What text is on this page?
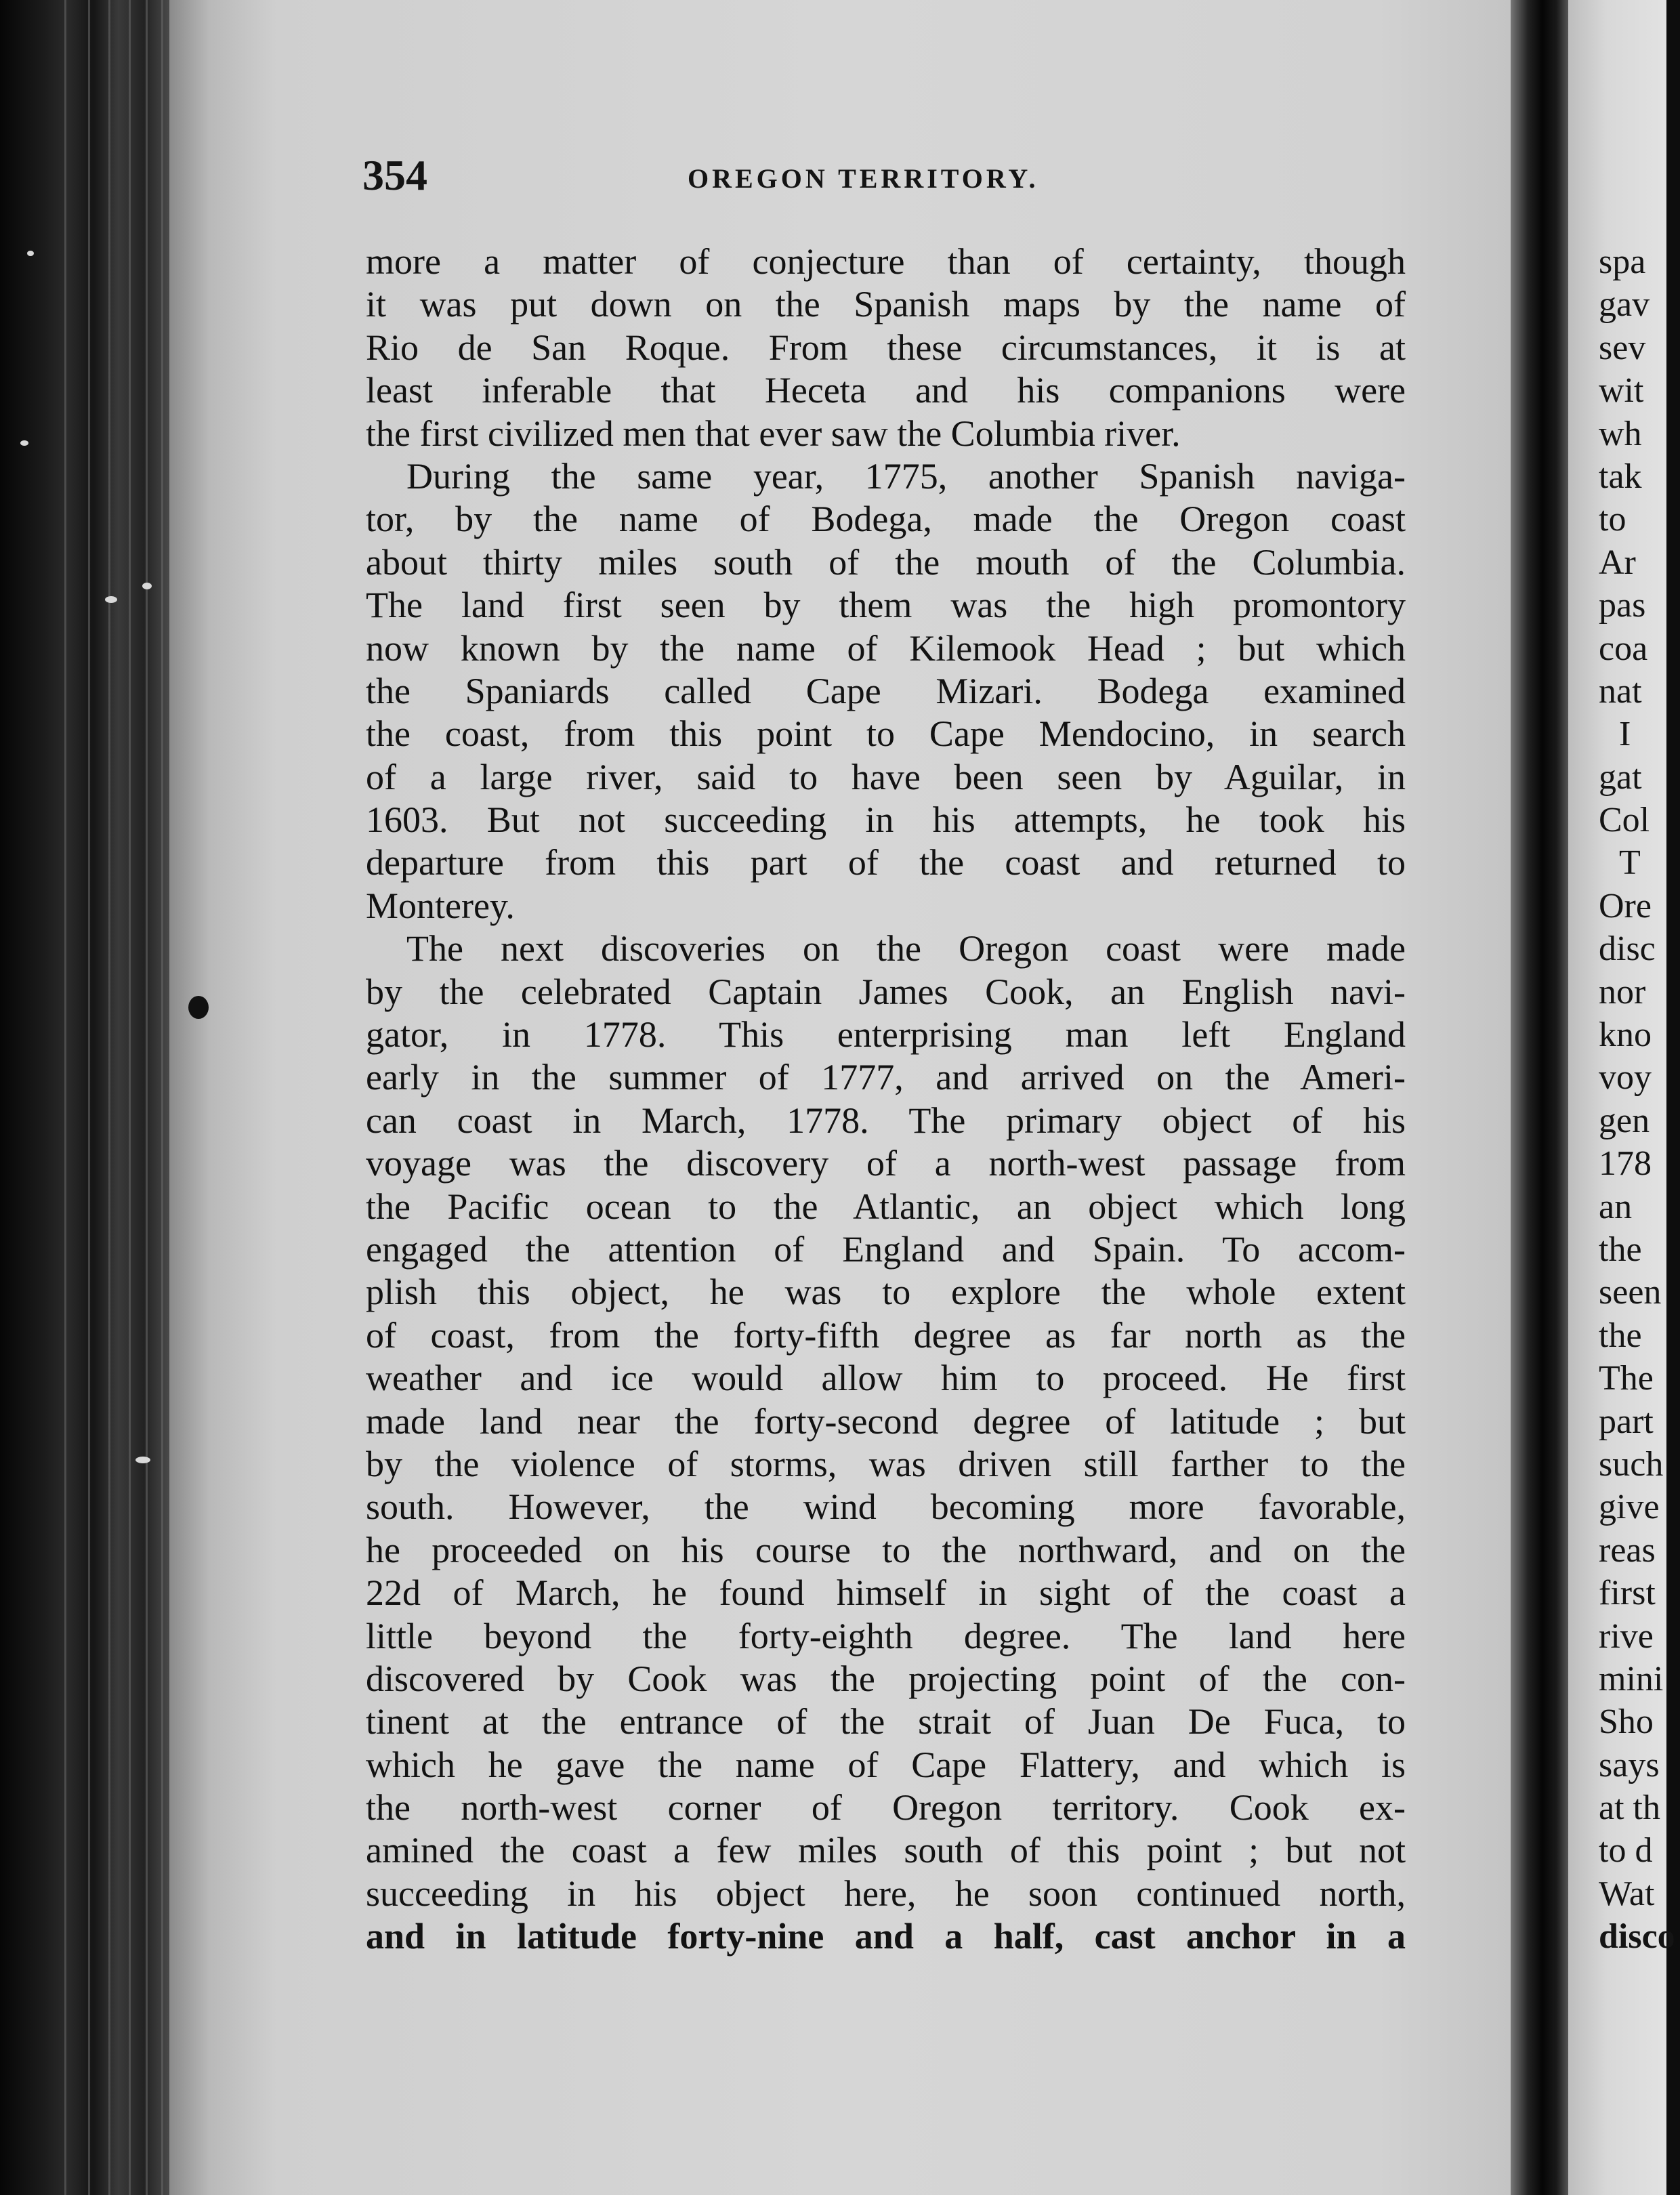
354	OREGON TERRITORY.
more a matter of conjecture than of certainty, though
it was put down on the Spanish maps by the name of
Rio de San Roque. From these circumstances, it is at
least inferable that Heceta and his companions were
the first civilized men that ever saw the Columbia river.
During the same year, 1775, another Spanish naviga-
tor, by the name of Bodega, made the Oregon coast
about thirty miles south of the mouth of the Columbia.
The land first seen by them was the high promontory
now known by the name of Kilemook Head ; but which
the Spaniards called Cape Mizari. Bodega examined
the coast, from this point to Cape Mendocino, in search
of a large river, said to have been seen by Aguilar, in
1603. But not succeeding in his attempts, he took his
departure from this part of the coast and returned to
Monterey.
The next discoveries on the Oregon coast were made
by the celebrated Captain James Cook, an English navi-
gator, in 1778. This enterprising man left England
early in the summer of 1777, and arrived on the Ameri-
can coast in March, 1778. The primary object of his
voyage was the discovery of a north-west passage from
the Pacific ocean to the Atlantic, an object which long
engaged the attention of England and Spain. To accom-
plish this object, he was to explore the whole extent
of coast, from the forty-fifth degree as far north as the
weather and ice would allow him to proceed. He first
made land near the forty-second degree of latitude ; but
by the violence of storms, was driven still farther to the
south. However, the wind becoming more favorable,
he proceeded on his course to the northward, and on the
22d of March, he found himself in sight of the coast a
little beyond the forty-eighth degree. The land here
discovered by Cook was the projecting point of the con-
tinent at the entrance of the strait of Juan De Fuca, to
which he gave the name of Cape Flattery, and which is
the north-west corner of Oregon territory. Cook ex-
amined the coast a few miles south of this point ; but not
succeeding in his object here, he soon continued north,
and in latitude forty-nine and a half, cast anchor in a
spa
gav
sev
wit
wh
tak
to
Ar
pas
coa
nat
I
gat
Col
T
Ore
disc
nor
kno
voy
gen
178
an
the
seen
the
The
part
such
give
reas
first
rive
mini
Sho
says
at th
to d
Wat
disco
